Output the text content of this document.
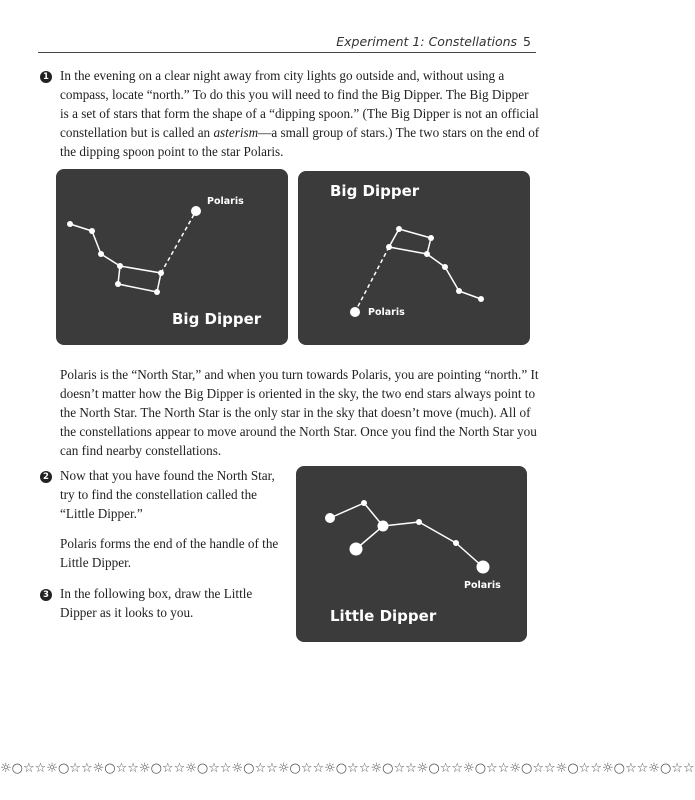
Experiment 1: Constellations 5
1 In the evening on a clear night away from city lights go outside and, without using a compass, locate “north.” To do this you will need to find the Big Dipper. The Big Dipper is a set of stars that form the shape of a “dipping spoon.” (The Big Dipper is not an official constellation but is called an asterism—a small group of stars.) The two stars on the end of the dipping spoon point to the star Polaris.
Polaris
Big Dipper
Big Dipper
Polaris
Polaris is the “North Star,” and when you turn towards Polaris, you are pointing “north.” It doesn’t matter how the Big Dipper is oriented in the sky, the two end stars always point to the North Star. The North Star is the only star in the sky that doesn’t move (much). All of the constellations appear to move around the North Star. Once you find the North Star you can find nearby constellations.
2 Now that you have found the North Star, try to find the constellation called the “Little Dipper.”
Polaris forms the end of the handle of the Little Dipper.
3 In the following box, draw the Little Dipper as it looks to you.
Polaris
Little Dipper
☼○☆☆☼○☆☆☼○☆☆☼○☆☆☼○☆☆☼○☆☆☼○☆☆☼○☆☆☼○☆☆☼○☆☆☼○☆☆☼○☆☆☼○☆☆☼○☆☆☼○☆☆
